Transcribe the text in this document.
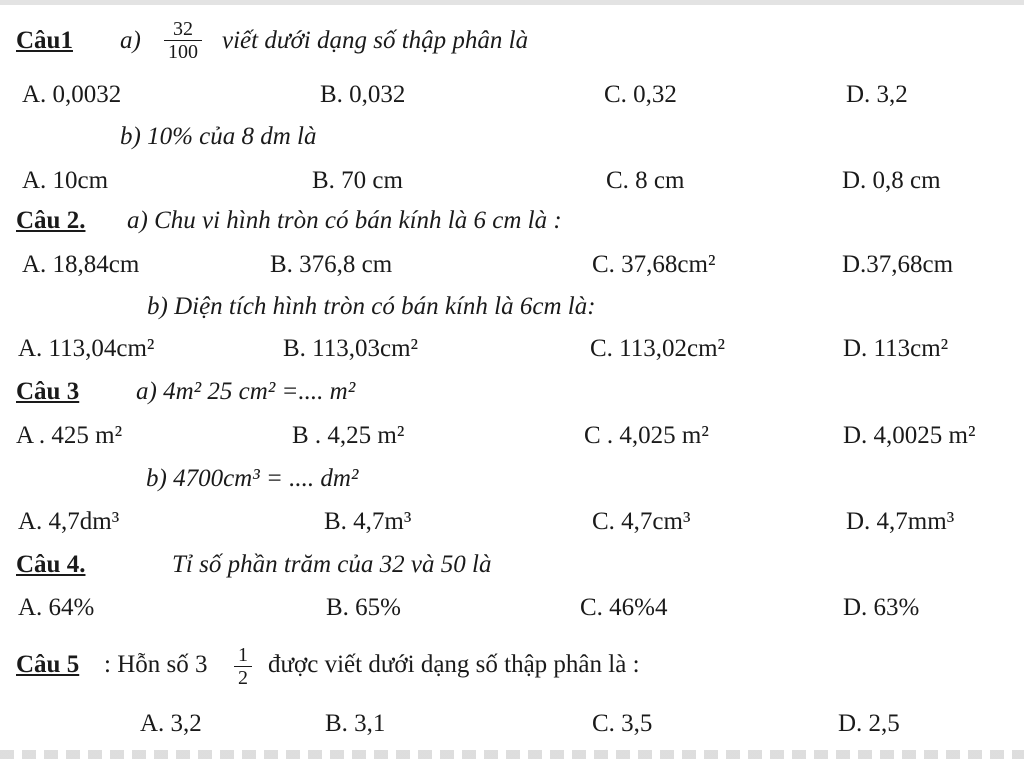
Câu1 $a) \frac{32}{100}$ viết dưới dạng số thập phân là
A. 0,0032	B. 0,032	C. 0,32	D. 3,2
b) 10% của 8 dm là
A. 10cm	B. 70 cm	C. 8 cm	D. 0,8 cm
Câu 2. a) Chu vi hình tròn có bán kính là 6 cm là :
A. 18,84cm	B. 376,8 cm	C. 37,68cm²	D.37,68cm
b) Diện tích hình tròn có bán kính là 6cm là:
A. 113,04cm²	B. 113,03cm²	C. 113,02cm²	D. 113cm²
Câu 3 a) 4m² 25 cm² =.... m²
A . 425 m²	B . 4,25 m²	C . 4,025 m²	D. 4,0025 m²
b) 4700cm³ = .... dm²
A. 4,7dm³	B. 4,7m³	C. 4,7cm³	D. 4,7mm³
Câu 4.	Tỉ số phần trăm của 32 và 50 là
A. 64%	B. 65%	C. 46%4	D. 63%
Câu 5 : Hỗn số $3 \frac{1}{2}$ được viết dưới dạng số thập phân là :
A. 3,2	B. 3,1	C. 3,5	D. 2,5
